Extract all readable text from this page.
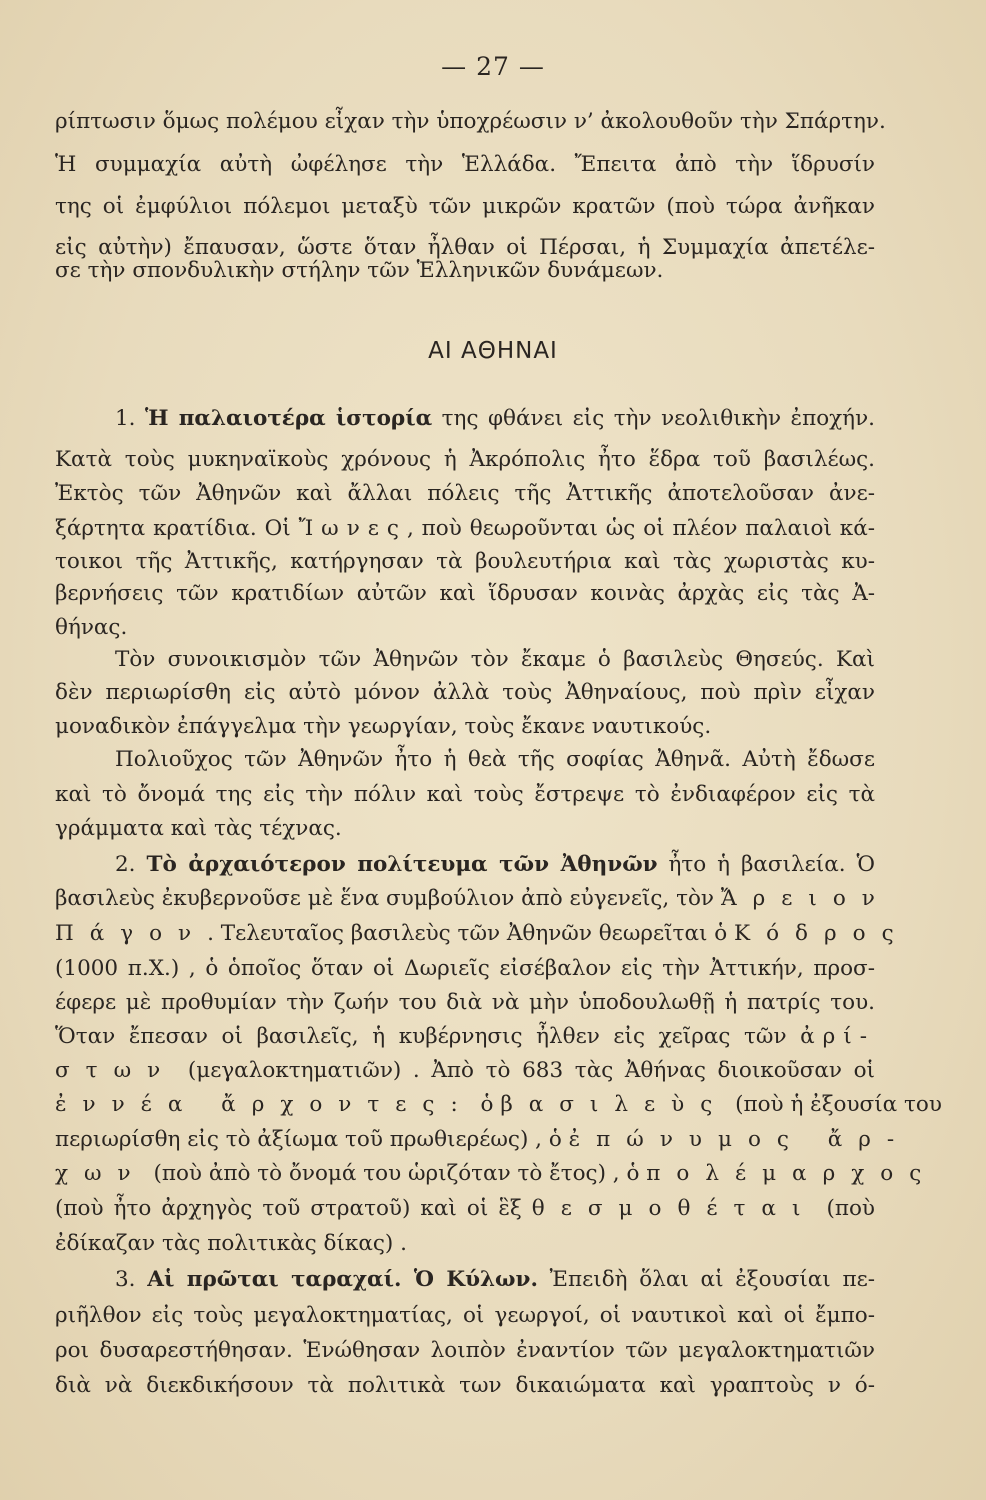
— 27 —
ρίπτωσιν ὅμως πολέμου εἶχαν τὴν ὑποχρέωσιν ν’ ἀκολουθοῦν τὴν Σπάρτην.
Ἡ συμμαχία αὐτὴ ὠφέλησε τὴν Ἑλλάδα. Ἔπειτα ἀπὸ τὴν ἵδρυσίν
της οἱ ἐμφύλιοι πόλεμοι μεταξὺ τῶν μικρῶν κρατῶν (ποὺ τώρα ἀνῆκαν
εἰς αὐτὴν) ἔπαυσαν, ὥστε ὅταν ἦλθαν οἱ Πέρσαι, ἡ Συμμαχία ἀπετέλε-
σε τὴν σπονδυλικὴν στήλην τῶν Ἑλληνικῶν δυνάμεων.
ΑΙ ΑΘΗΝΑΙ
1. Ἡ παλαιοτέρα ἱστορία της φθάνει εἰς τὴν νεολιθικὴν ἐποχήν.
Κατὰ τοὺς μυκηναϊκοὺς χρόνους ἡ Ἀκρόπολις ἦτο ἕδρα τοῦ βασιλέως.
Ἐκτὸς τῶν Ἀθηνῶν καὶ ἄλλαι πόλεις τῆς Ἀττικῆς ἀποτελοῦσαν ἀνε-
ξάρτητα κρατίδια. Οἱ Ἴωνες, ποὺ θεωροῦνται ὡς οἱ πλέον παλαιοὶ κά-
τοικοι τῆς Ἀττικῆς, κατήργησαν τὰ βουλευτήρια καὶ τὰς χωριστὰς κυ-
βερνήσεις τῶν κρατιδίων αὐτῶν καὶ ἵδρυσαν κοινὰς ἀρχὰς εἰς τὰς Ἀ-
θήνας.
Τὸν συνοικισμὸν τῶν Ἀθηνῶν τὸν ἔκαμε ὁ βασιλεὺς Θησεύς. Καὶ
δὲν περιωρίσθη εἰς αὐτὸ μόνον ἀλλὰ τοὺς Ἀθηναίους, ποὺ πρὶν εἶχαν
μοναδικὸν ἐπάγγελμα τὴν γεωργίαν, τοὺς ἔκανε ναυτικούς.
Πολιοῦχος τῶν Ἀθηνῶν ἦτο ἡ θεὰ τῆς σοφίας Ἀθηνᾶ. Αὐτὴ ἔδωσε
καὶ τὸ ὄνομά της εἰς τὴν πόλιν καὶ τοὺς ἔστρεψε τὸ ἐνδιαφέρον εἰς τὰ
γράμματα καὶ τὰς τέχνας.
2. Τὸ ἀρχαιότερον πολίτευμα τῶν Ἀθηνῶν ἦτο ἡ βασιλεία. Ὁ
βασιλεὺς ἐκυβερνοῦσε μὲ ἕνα συμβούλιον ἀπὸ εὐγενεῖς, τὸν Ἄρειον
Πάγον. Τελευταῖος βασιλεὺς τῶν Ἀθηνῶν θεωρεῖται ὁ Κόδρος
(1000 π.Χ.) , ὁ ὁποῖος ὅταν οἱ Δωριεῖς εἰσέβαλον εἰς τὴν Ἀττικήν, προσ-
έφερε μὲ προθυμίαν τὴν ζωήν του διὰ νὰ μὴν ὑποδουλωθῇ ἡ πατρίς του.
Ὅταν ἔπεσαν οἱ βασιλεῖς, ἡ κυβέρνησις ἦλθεν εἰς χεῖρας τῶν ἀρί-
στων (μεγαλοκτηματιῶν) . Ἀπὸ τὸ 683 τὰς Ἀθήνας διοικοῦσαν οἱ
ἐννέα ἄρχοντες: ὁ βασιλεὺς (ποὺ ἡ ἐξουσία του
περιωρίσθη εἰς τὸ ἀξίωμα τοῦ πρωθιερέως) , ὁ ἐπώνυμος ἄρ-
χων (ποὺ ἀπὸ τὸ ὄνομά του ὡριζόταν τὸ ἔτος) , ὁ πολέμαρχος
(ποὺ ἦτο ἀρχηγὸς τοῦ στρατοῦ) καὶ οἱ ἓξ θεσμοθέται (ποὺ
ἐδίκαζαν τὰς πολιτικὰς δίκας) .
3. Αἱ πρῶται ταραχαί. Ὁ Κύλων. Ἐπειδὴ ὅλαι αἱ ἐξουσίαι πε-
ριῆλθον εἰς τοὺς μεγαλοκτηματίας, οἱ γεωργοί, οἱ ναυτικοὶ καὶ οἱ ἔμπο-
ροι δυσαρεστήθησαν. Ἑνώθησαν λοιπὸν ἐναντίον τῶν μεγαλοκτηματιῶν
διὰ νὰ διεκδικήσουν τὰ πολιτικὰ των δικαιώματα καὶ γραπτοὺς ν ό-
